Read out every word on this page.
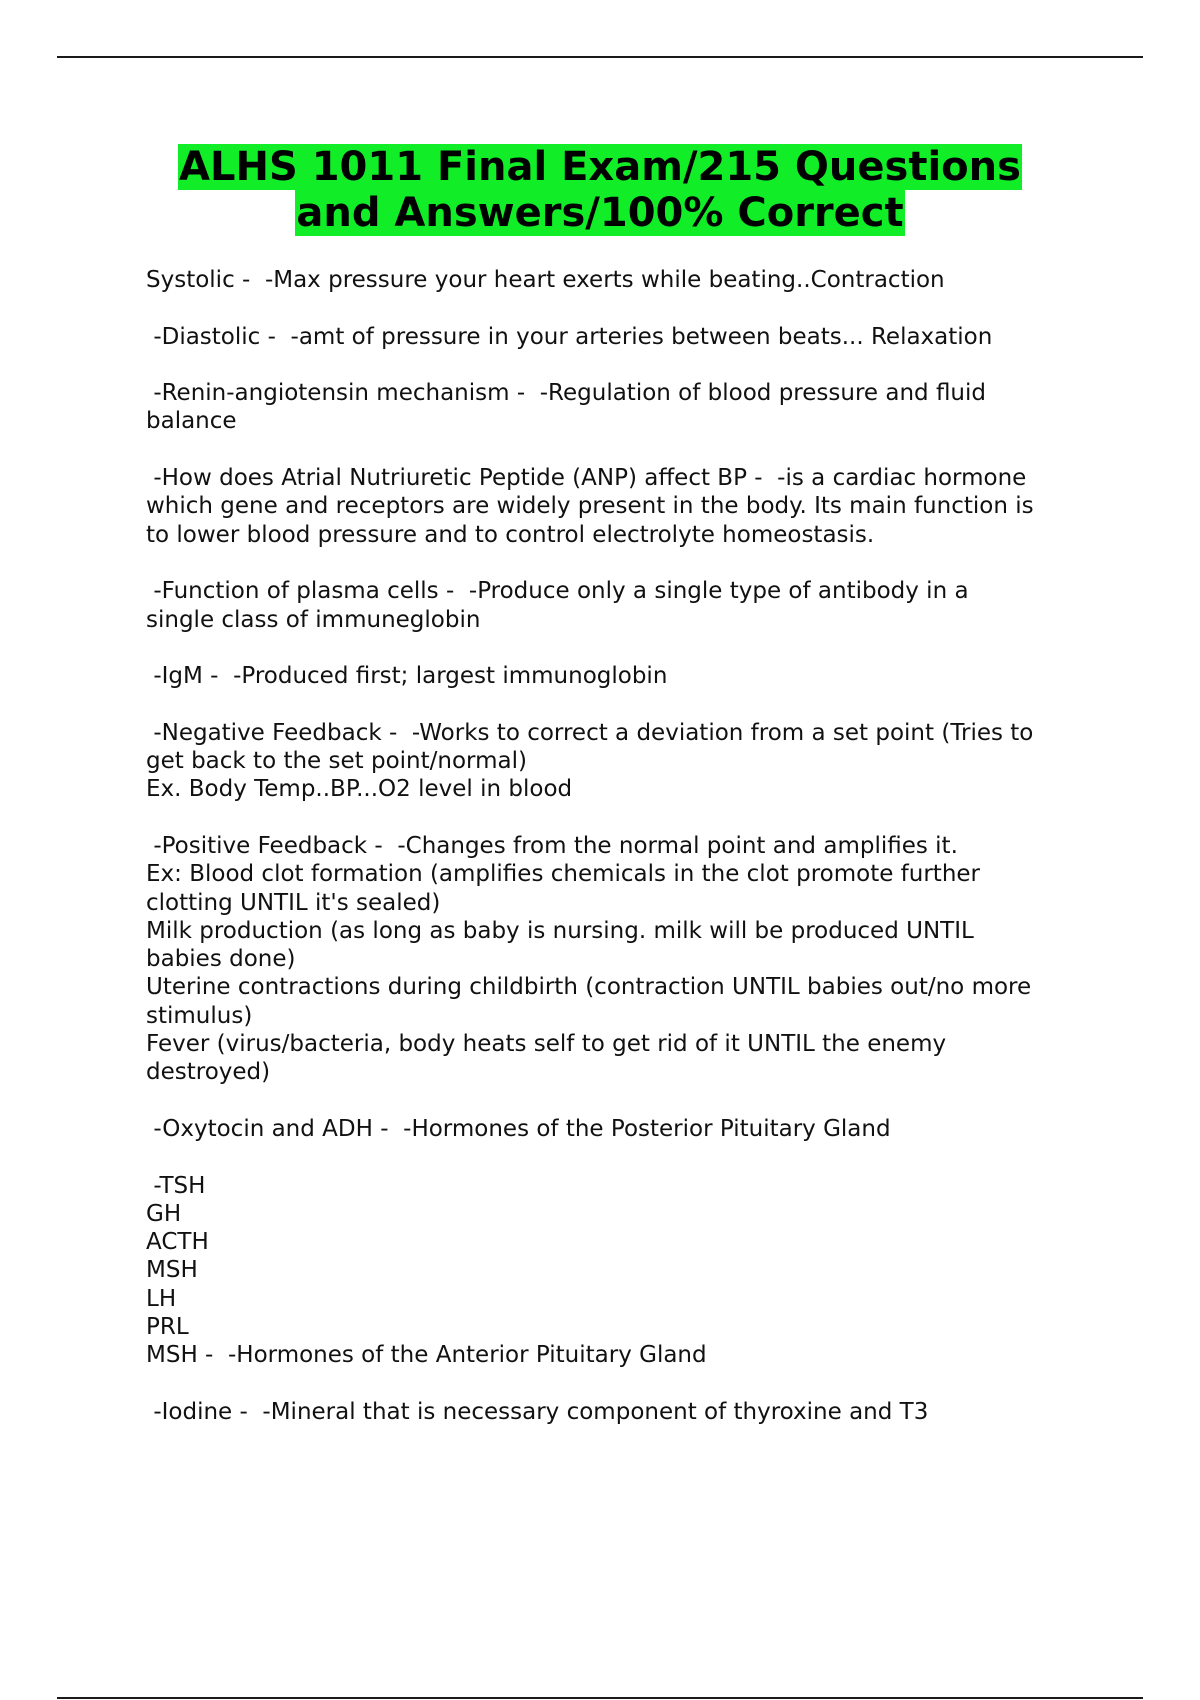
ALHS 1011 Final Exam/215 Questions
and Answers/100% Correct
Systolic -  -Max pressure your heart exerts while beating..Contraction
-Diastolic -  -amt of pressure in your arteries between beats... Relaxation
-Renin-angiotensin mechanism -  -Regulation of blood pressure and fluid
balance
-How does Atrial Nutriuretic Peptide (ANP) affect BP -  -is a cardiac hormone
which gene and receptors are widely present in the body. Its main function is
to lower blood pressure and to control electrolyte homeostasis.
-Function of plasma cells -  -Produce only a single type of antibody in a
single class of immuneglobin
-IgM -  -Produced first; largest immunoglobin
-Negative Feedback -  -Works to correct a deviation from a set point (Tries to
get back to the set point/normal)
Ex. Body Temp..BP...O2 level in blood
-Positive Feedback -  -Changes from the normal point and amplifies it.
Ex: Blood clot formation (amplifies chemicals in the clot promote further
clotting UNTIL it's sealed)
Milk production (as long as baby is nursing. milk will be produced UNTIL
babies done)
Uterine contractions during childbirth (contraction UNTIL babies out/no more
stimulus)
Fever (virus/bacteria, body heats self to get rid of it UNTIL the enemy
destroyed)
-Oxytocin and ADH -  -Hormones of the Posterior Pituitary Gland
-TSH
GH
ACTH
MSH
LH
PRL
MSH -  -Hormones of the Anterior Pituitary Gland
-Iodine -  -Mineral that is necessary component of thyroxine and T3
